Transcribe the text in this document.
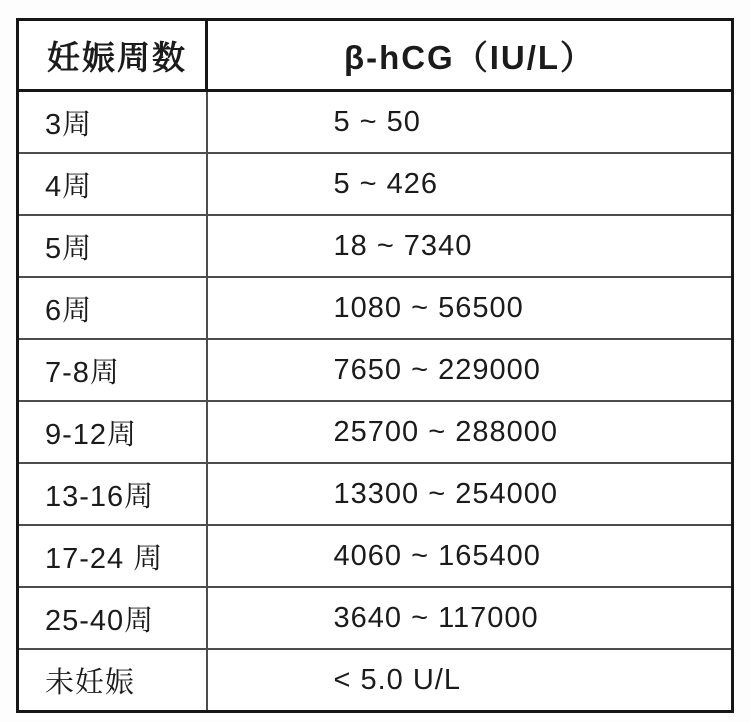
妊娠周数	β-hCG（IU/L）
3周	5 ~ 50
4周	5 ~ 426
5周	18 ~ 7340
6周	1080 ~ 56500
7-8周	7650 ~ 229000
9-12周	25700 ~ 288000
13-16周	13300 ~ 254000
17-24 周	4060 ~ 165400
25-40周	3640 ~ 117000
未妊娠	< 5.0 U/L
